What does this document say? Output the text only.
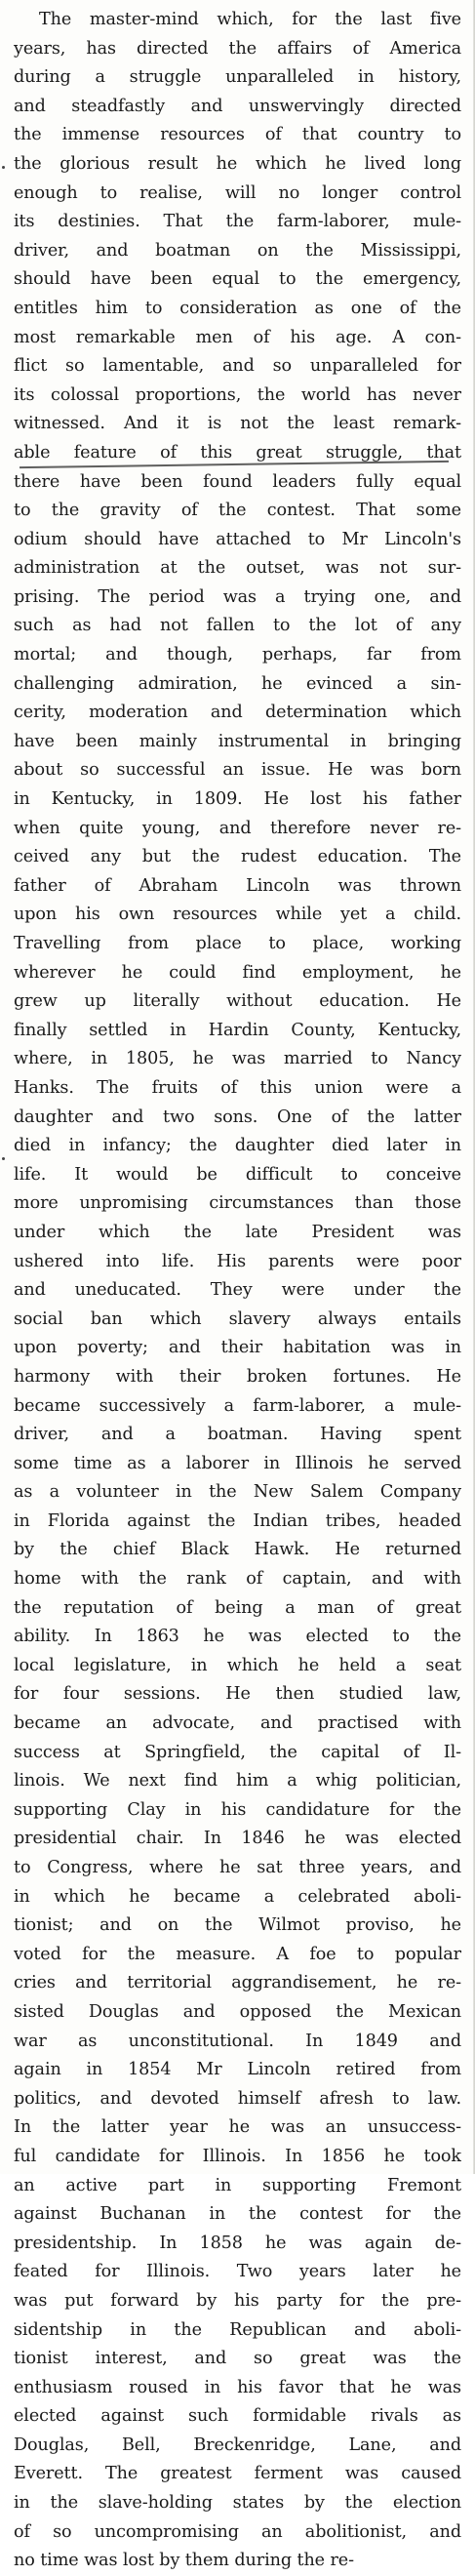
The master-mind which, for the last five
years, has directed the affairs of America
during a struggle unparalleled in history,
and steadfastly and unswervingly directed
the immense resources of that country to
the glorious result he which he lived long
enough to realise, will no longer control
its destinies. That the farm-laborer, mule-
driver, and boatman on the Mississippi,
should have been equal to the emergency,
entitles him to consideration as one of the
most remarkable men of his age. A con-
flict so lamentable, and so unparalleled for
its colossal proportions, the world has never
witnessed. And it is not the least remark-
able feature of this great struggle, that
there have been found leaders fully equal
to the gravity of the contest. That some
odium should have attached to Mr Lincoln's
administration at the outset, was not sur-
prising. The period was a trying one, and
such as had not fallen to the lot of any
mortal; and though, perhaps, far from
challenging admiration, he evinced a sin-
cerity, moderation and determination which
have been mainly instrumental in bringing
about so successful an issue. He was born
in Kentucky, in 1809. He lost his father
when quite young, and therefore never re-
ceived any but the rudest education. The
father of Abraham Lincoln was thrown
upon his own resources while yet a child.
Travelling from place to place, working
wherever he could find employment, he
grew up literally without education. He
finally settled in Hardin County, Kentucky,
where, in 1805, he was married to Nancy
Hanks. The fruits of this union were a
daughter and two sons. One of the latter
died in infancy; the daughter died later in
life. It would be difficult to conceive
more unpromising circumstances than those
under which the late President was
ushered into life. His parents were poor
and uneducated. They were under the
social ban which slavery always entails
upon poverty; and their habitation was in
harmony with their broken fortunes. He
became successively a farm-laborer, a mule-
driver, and a boatman. Having spent
some time as a laborer in Illinois he served
as a volunteer in the New Salem Company
in Florida against the Indian tribes, headed
by the chief Black Hawk. He returned
home with the rank of captain, and with
the reputation of being a man of great
ability. In 1863 he was elected to the
local legislature, in which he held a seat
for four sessions. He then studied law,
became an advocate, and practised with
success at Springfield, the capital of Il-
linois. We next find him a whig politician,
supporting Clay in his candidature for the
presidential chair. In 1846 he was elected
to Congress, where he sat three years, and
in which he became a celebrated aboli-
tionist; and on the Wilmot proviso, he
voted for the measure. A foe to popular
cries and territorial aggrandisement, he re-
sisted Douglas and opposed the Mexican
war as unconstitutional. In 1849 and
again in 1854 Mr Lincoln retired from
politics, and devoted himself afresh to law.
In the latter year he was an unsuccess-
ful candidate for Illinois. In 1856 he took
an active part in supporting Fremont
against Buchanan in the contest for the
presidentship. In 1858 he was again de-
feated for Illinois. Two years later he
was put forward by his party for the pre-
sidentship in the Republican and aboli-
tionist interest, and so great was the
enthusiasm roused in his favor that he was
elected against such formidable rivals as
Douglas, Bell, Breckenridge, Lane, and
Everett. The greatest ferment was caused
in the slave-holding states by the election
of so uncompromising an abolitionist, and
no time was lost by them during the re-
